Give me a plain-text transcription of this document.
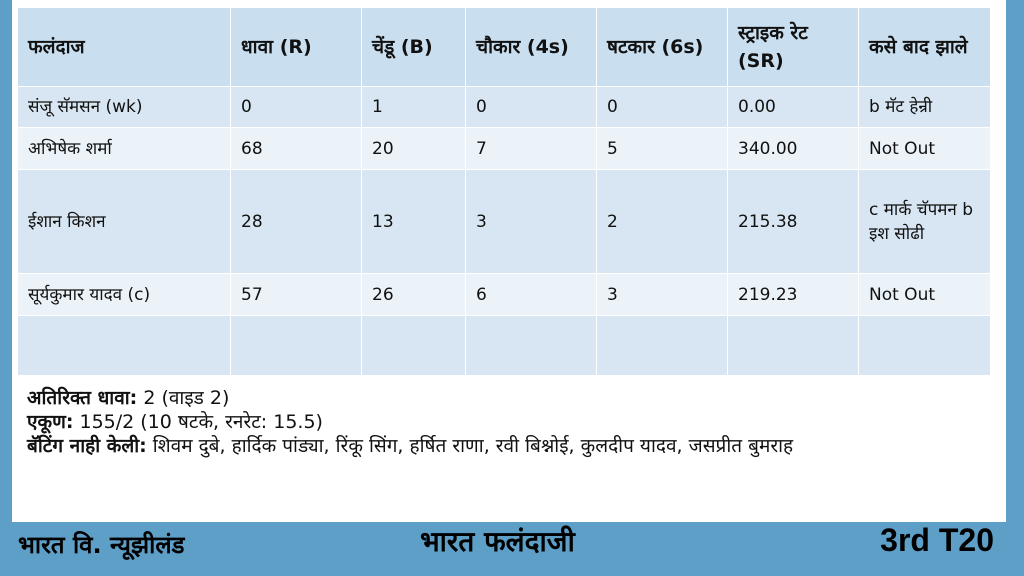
फलंदाज	धावा (R)	चेंडू (B)	चौकार (4s)	षटकार (6s)	स्ट्राइक रेट (SR)	कसे बाद झाले
संजू सॅमसन (wk)	0	1	0	0	0.00	b मॅट हेन्री
अभिषेक शर्मा	68	20	7	5	340.00	Not Out
ईशान किशन	28	13	3	2	215.38	c मार्क चॅपमन b इश सोढी
सूर्यकुमार यादव (c)	57	26	6	3	219.23	Not Out

अतिरिक्त धावा: 2 (वाइड 2)
एकूण: 155/2 (10 षटके, रनरेट: 15.5)
बॅटिंग नाही केली: शिवम दुबे, हार्दिक पांड्या, रिंकू सिंग, हर्षित राणा, रवी बिश्नोई, कुलदीप यादव, जसप्रीत बुमराह
भारत वि. न्यूझीलंड	भारत फलंदाजी	3rd T20
